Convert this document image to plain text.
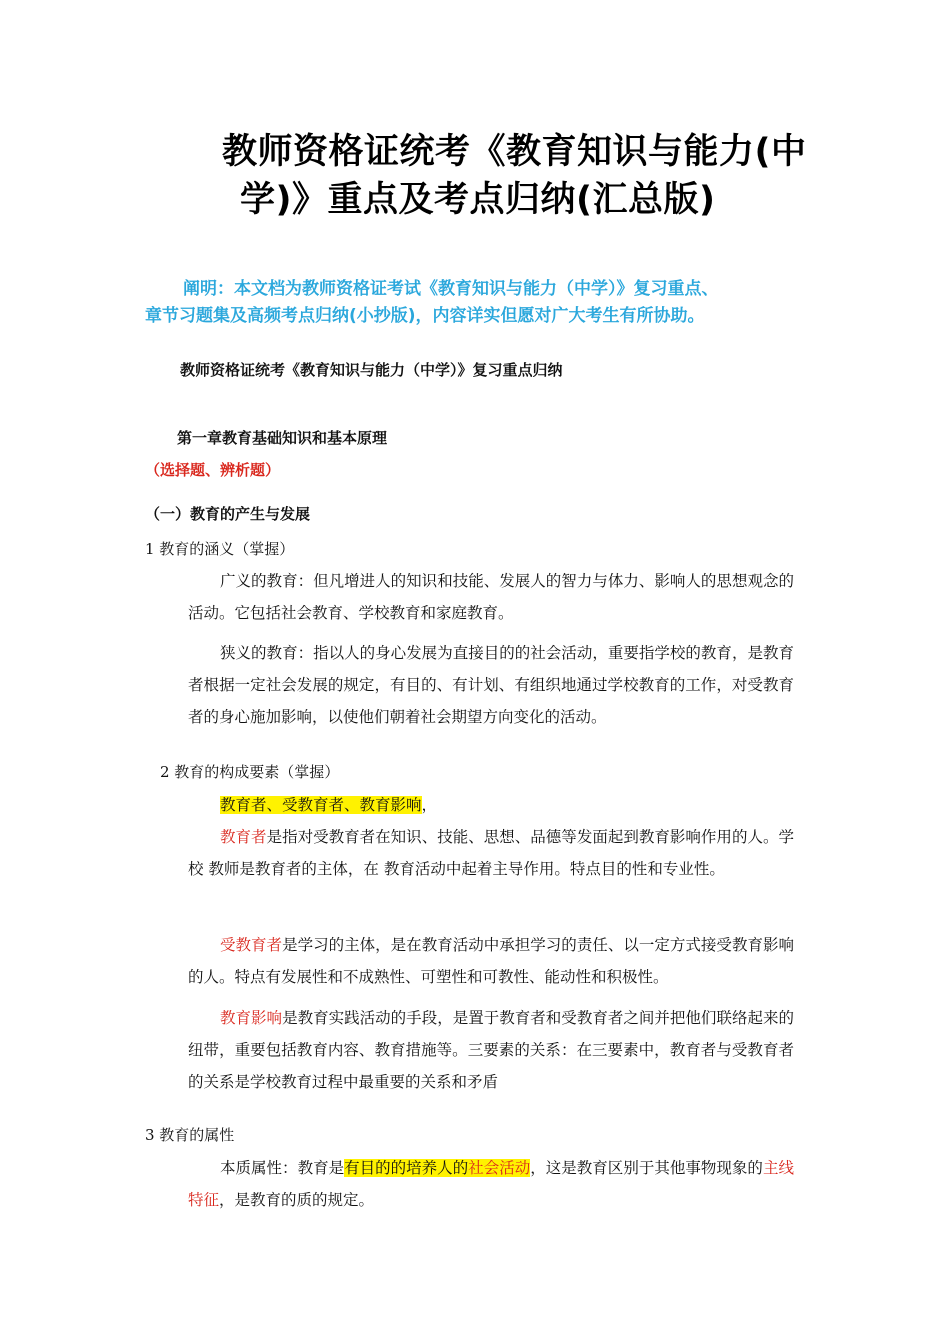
教师资格证统考《教育知识与能力(中
学)》重点及考点归纳(汇总版)
阐明：本文档为教师资格证考试《教育知识与能力（中学）》复习重点、
章节习题集及高频考点归纳(小抄版)，内容详实但愿对广大考生有所协助。
教师资格证统考《教育知识与能力（中学）》复习重点归纳
第一章教育基础知识和基本原理
（选择题、辨析题）
（一）教育的产生与发展
1 教育的涵义（掌握）
广义的教育：但凡增进人的知识和技能、发展人的智力与体力、影响人的思想观念的活动。它包括社会教育、学校教育和家庭教育。
狭义的教育：指以人的身心发展为直接目的的社会活动，重要指学校的教育，是教育者根据一定社会发展的规定，有目的、有计划、有组织地通过学校教育的工作，对受教育者的身心施加影响，以使他们朝着社会期望方向变化的活动。
2 教育的构成要素（掌握）
教育者、受教育者、教育影响，
教育者是指对受教育者在知识、技能、思想、品德等发面起到教育影响作用的人。学校 教师是教育者的主体，在 教育活动中起着主导作用。特点目的性和专业性。
受教育者是学习的主体，是在教育活动中承担学习的责任、以一定方式接受教育影响的人。特点有发展性和不成熟性、可塑性和可教性、能动性和积极性。
教育影响是教育实践活动的手段，是置于教育者和受教育者之间并把他们联络起来的纽带，重要包括教育内容、教育措施等。三要素的关系：在三要素中，教育者与受教育者的关系是学校教育过程中最重要的关系和矛盾
3 教育的属性
本质属性：教育是有目的的培养人的社会活动，这是教育区别于其他事物现象的主线特征，是教育的质的规定。
